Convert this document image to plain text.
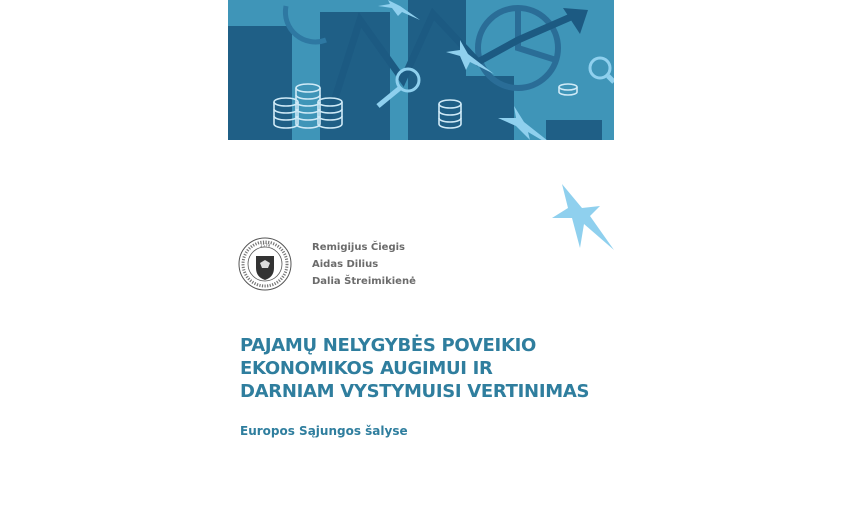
1579	Remigijus Čiegis
Aidas Dilius
Dalia Štreimikienė
PAJAMŲ NELYGYBĖS POVEIKIO
EKONOMIKOS AUGIMUI IR
DARNIAM VYSTYMUISI VERTINIMAS
Europos Sąjungos šalyse
